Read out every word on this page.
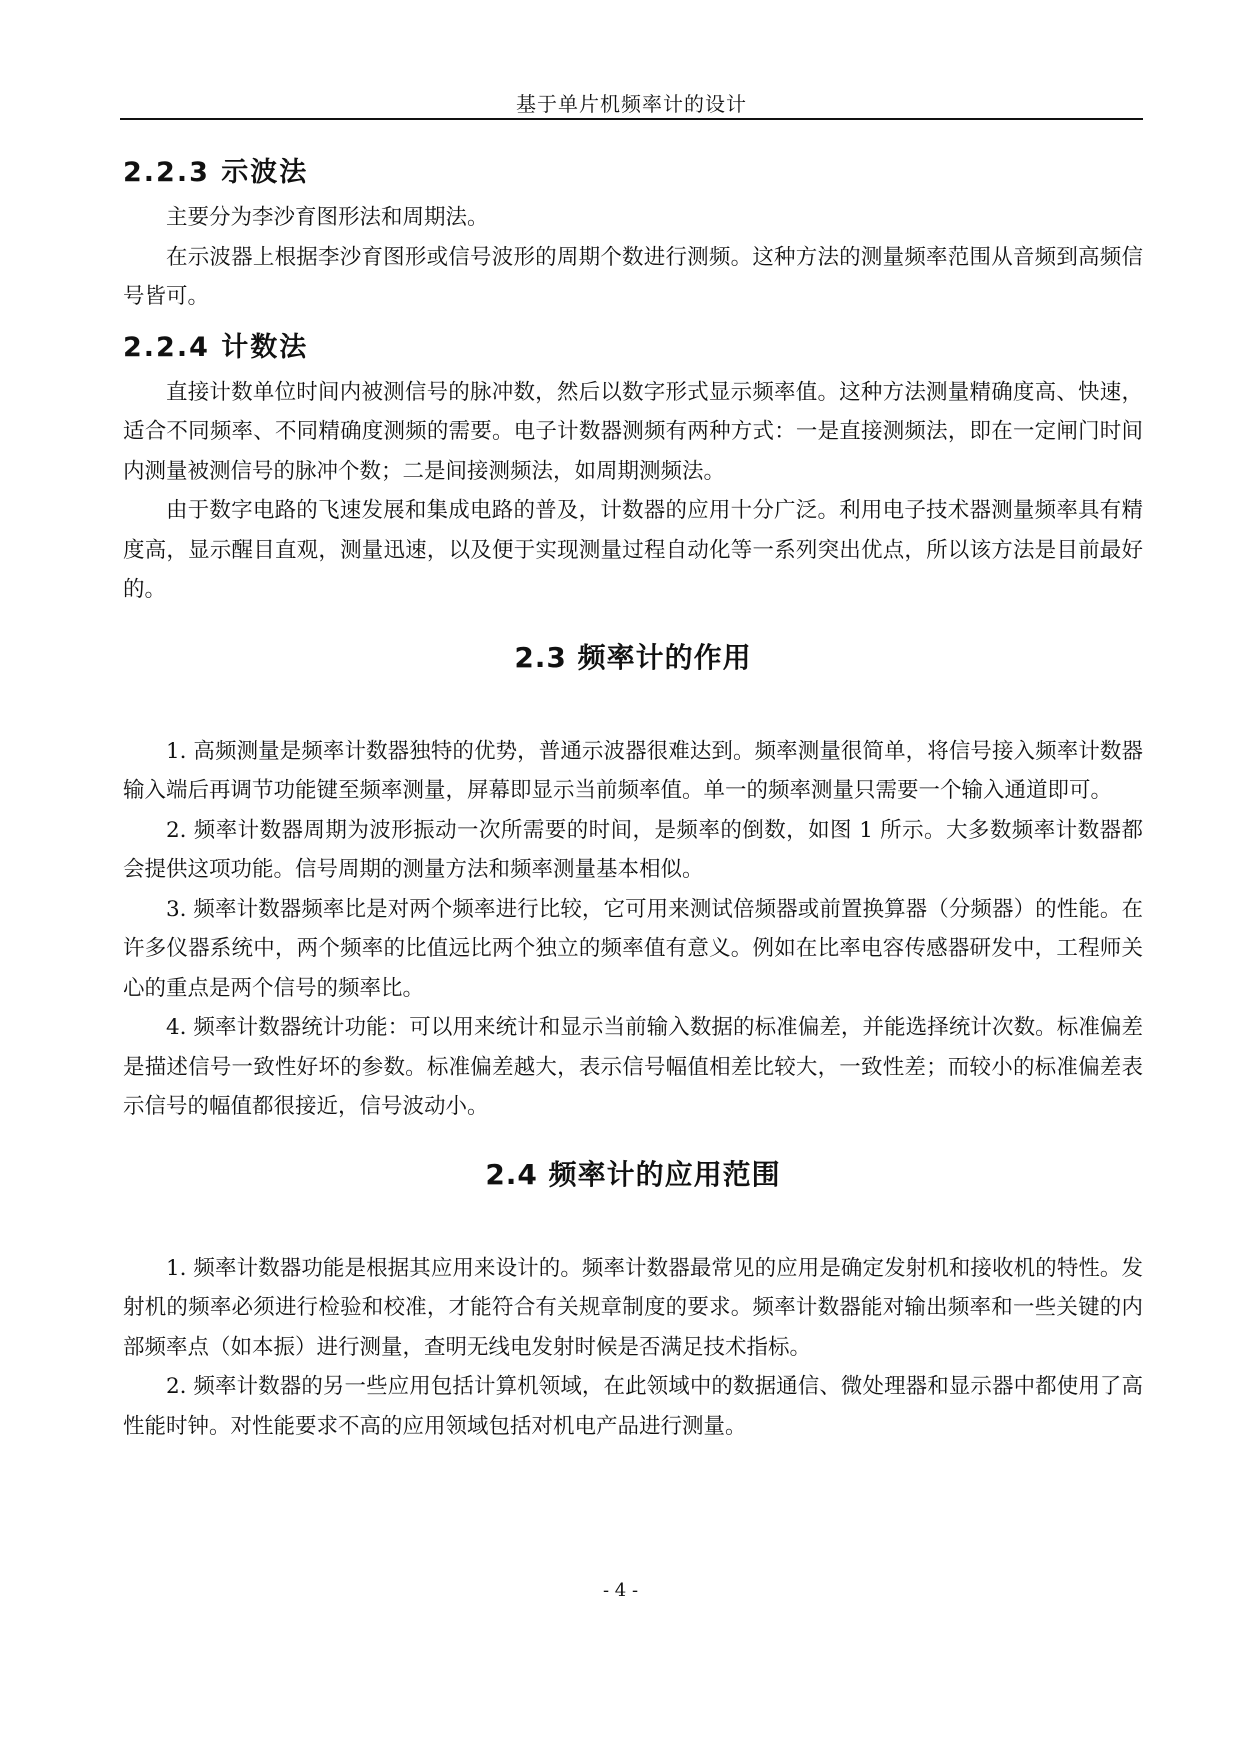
基于单片机频率计的设计
2.2.3 示波法

主要分为李沙育图形法和周期法。

在示波器上根据李沙育图形或信号波形的周期个数进行测频。这种方法的测量频率范围从音频到高频信号皆可。

2.2.4 计数法

直接计数单位时间内被测信号的脉冲数，然后以数字形式显示频率值。这种方法测量精确度高、快速，适合不同频率、不同精确度测频的需要。电子计数器测频有两种方式：一是直接测频法，即在一定闸门时间内测量被测信号的脉冲个数；二是间接测频法，如周期测频法。

由于数字电路的飞速发展和集成电路的普及，计数器的应用十分广泛。利用电子技术器测量频率具有精度高，显示醒目直观，测量迅速，以及便于实现测量过程自动化等一系列突出优点，所以该方法是目前最好的。

2.3 频率计的作用

1. 高频测量是频率计数器独特的优势，普通示波器很难达到。频率测量很简单，将信号接入频率计数器输入端后再调节功能键至频率测量，屏幕即显示当前频率值。单一的频率测量只需要一个输入通道即可。

2. 频率计数器周期为波形振动一次所需要的时间，是频率的倒数，如图 1 所示。大多数频率计数器都会提供这项功能。信号周期的测量方法和频率测量基本相似。

3. 频率计数器频率比是对两个频率进行比较，它可用来测试倍频器或前置换算器（分频器）的性能。在许多仪器系统中，两个频率的比值远比两个独立的频率值有意义。例如在比率电容传感器研发中，工程师关心的重点是两个信号的频率比。

4. 频率计数器统计功能：可以用来统计和显示当前输入数据的标准偏差，并能选择统计次数。标准偏差是描述信号一致性好坏的参数。标准偏差越大，表示信号幅值相差比较大，一致性差；而较小的标准偏差表示信号的幅值都很接近，信号波动小。

2.4 频率计的应用范围

1. 频率计数器功能是根据其应用来设计的。频率计数器最常见的应用是确定发射机和接收机的特性。发射机的频率必须进行检验和校准，才能符合有关规章制度的要求。频率计数器能对输出频率和一些关键的内部频率点（如本振）进行测量，查明无线电发射时候是否满足技术指标。

2. 频率计数器的另一些应用包括计算机领域，在此领域中的数据通信、微处理器和显示器中都使用了高性能时钟。对性能要求不高的应用领域包括对机电产品进行测量。

- 4 -
